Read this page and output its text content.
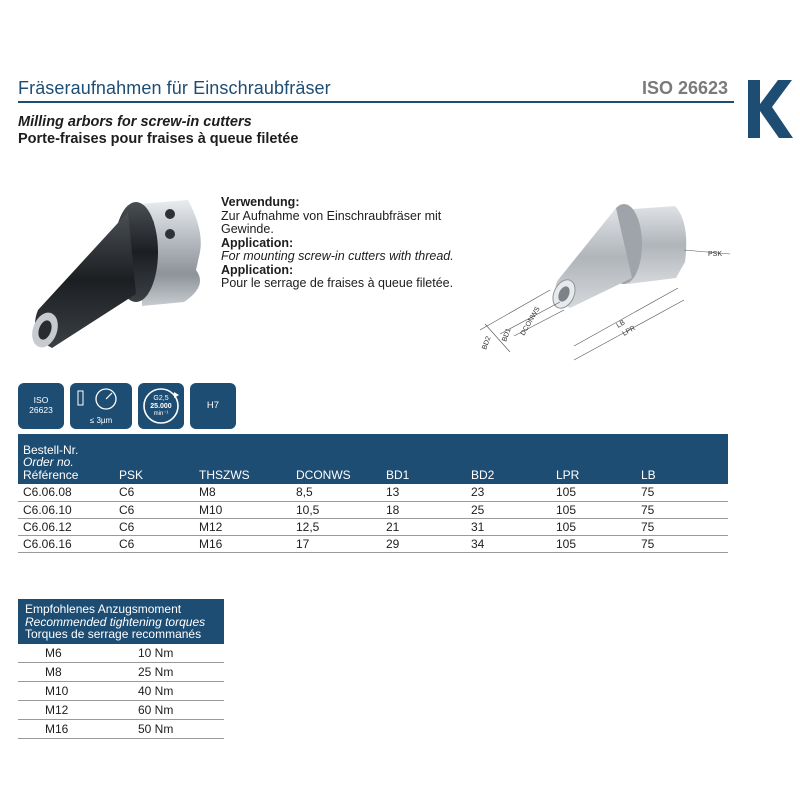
Fräseraufnahmen für Einschraubfräser	ISO 26623
Milling arbors for screw-in cutters
Porte-fraises pour fraises à queue filetée
Verwendung:
Zur Aufnahme von Einschraubfräser mit Gewinde.
Application:
For mounting screw-in cutters with thread.
Application:
Pour le serrage de fraises à queue filetée.
PSK
BD2
BD1 DCONWS	LB
LPR
ISO
26623
≤ 3µm
G2,5
25.000
min⁻¹
H7
Bestell-Nr.
Order no.
Référence	PSK	THSZWS	DCONWS	BD1	BD2	LPR	LB
C6.06.08	C6	M8	8,5	13	23	105	75
C6.06.10	C6	M10	10,5	18	25	105	75
C6.06.12	C6	M12	12,5	21	31	105	75
C6.06.16	C6	M16	17	29	34	105	75
Empfohlenes Anzugsmoment
Recommended tightening torques
Torques de serrage recommanés	

M6	10 Nm
M8	25 Nm
M10	40 Nm
M12	60 Nm
M16	50 Nm
